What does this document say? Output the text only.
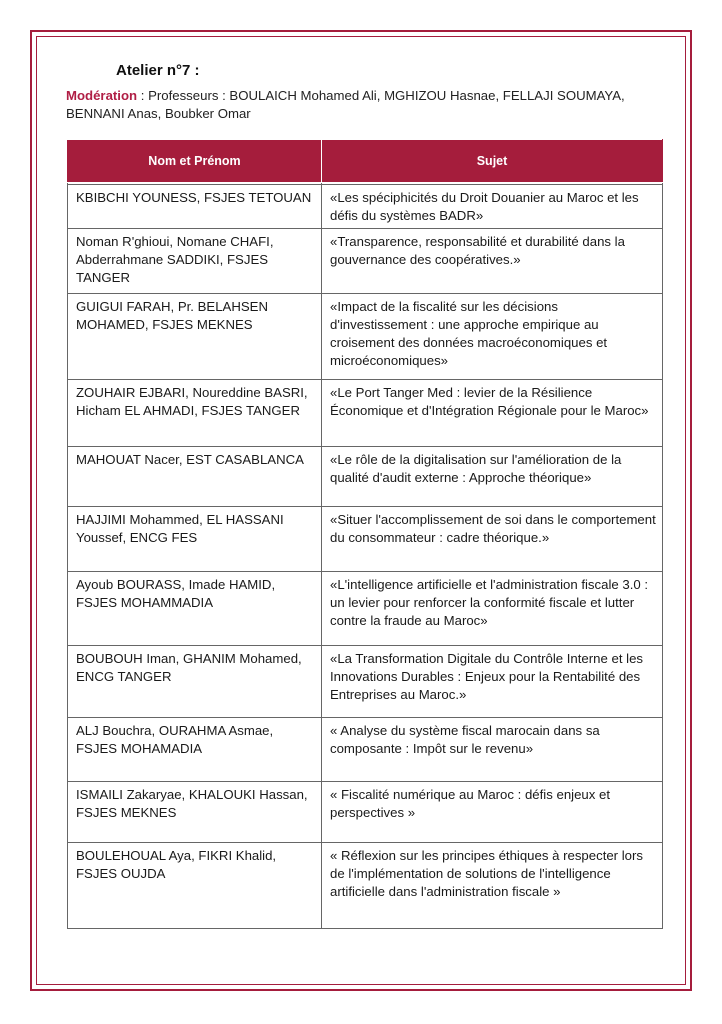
Atelier n°7 :
Modération : Professeurs : BOULAICH Mohamed Ali, MGHIZOU Hasnae, FELLAJI SOUMAYA, BENNANI Anas, Boubker Omar
Nom et Prénom	Sujet

KBIBCHI YOUNESS, FSJES TETOUAN	«Les spéciphicités du Droit Douanier au Maroc et les défis du systèmes BADR»
Noman R'ghioui, Nomane CHAFI, Abderrahmane SADDIKI, FSJES TANGER	«Transparence, responsabilité et durabilité dans la gouvernance des coopératives.»
GUIGUI FARAH, Pr. BELAHSEN MOHAMED, FSJES MEKNES	«Impact de la fiscalité sur les décisions d'investissement : une approche empirique au croisement des données macroéconomiques et microéconomiques»
ZOUHAIR EJBARI, Noureddine BASRI, Hicham EL AHMADI, FSJES TANGER	«Le Port Tanger Med : levier de la Résilience Économique et d'Intégration Régionale pour le Maroc»
MAHOUAT Nacer, EST CASABLANCA	«Le rôle de la digitalisation sur l'amélioration de la qualité d'audit externe : Approche théorique»
HAJJIMI Mohammed, EL HASSANI Youssef, ENCG FES	«Situer l'accomplissement de soi dans le comportement du consommateur : cadre théorique.»
Ayoub BOURASS, Imade HAMID, FSJES MOHAMMADIA	«L'intelligence artificielle et l'administration fiscale 3.0 : un levier pour renforcer la conformité fiscale et lutter contre la fraude au Maroc»
BOUBOUH Iman, GHANIM Mohamed, ENCG TANGER	«La Transformation Digitale du Contrôle Interne et les Innovations Durables : Enjeux pour la Rentabilité des Entreprises au Maroc.»
ALJ Bouchra, OURAHMA Asmae, FSJES MOHAMADIA	« Analyse du système fiscal marocain dans sa composante : Impôt sur le revenu»
ISMAILI Zakaryae, KHALOUKI Hassan, FSJES MEKNES	« Fiscalité numérique au Maroc : défis enjeux et perspectives »
BOULEHOUAL Aya, FIKRI Khalid, FSJES OUJDA	« Réflexion sur les principes éthiques à respecter lors de l'implémentation de solutions de l'intelligence artificielle dans l'administration fiscale »
